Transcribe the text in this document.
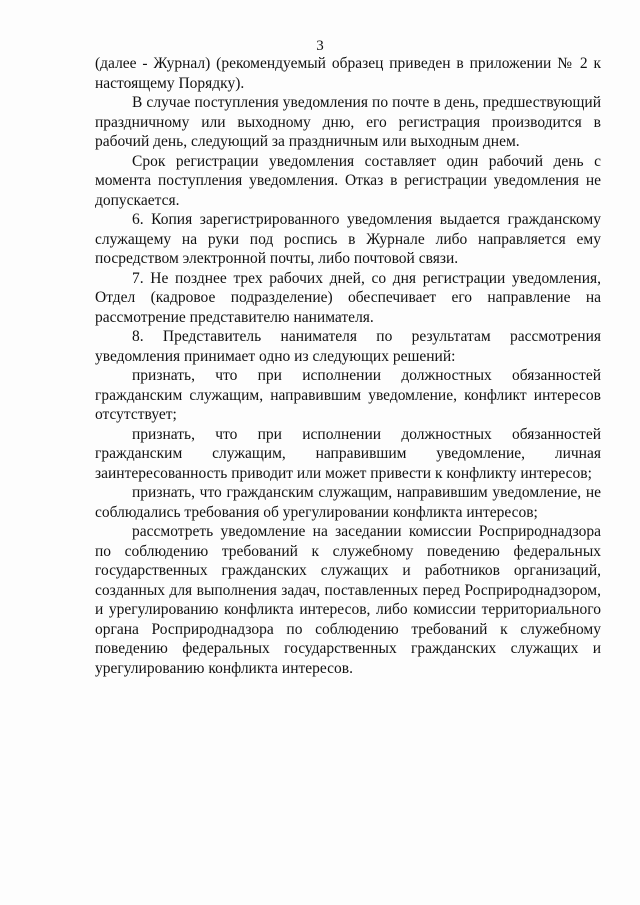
3

(далее - Журнал) (рекомендуемый образец приведен в приложении № 2 к настоящему Порядку).

В случае поступления уведомления по почте в день, предшествующий праздничному или выходному дню, его регистрация производится в рабочий день, следующий за праздничным или выходным днем.

Срок регистрации уведомления составляет один рабочий день с момента поступления уведомления. Отказ в регистрации уведомления не допускается.

6. Копия зарегистрированного уведомления выдается гражданскому служащему на руки под роспись в Журнале либо направляется ему посредством электронной почты, либо почтовой связи.

7. Не позднее трех рабочих дней, со дня регистрации уведомления, Отдел (кадровое подразделение) обеспечивает его направление на рассмотрение представителю нанимателя.

8. Представитель нанимателя по результатам рассмотрения уведомления принимает одно из следующих решений:

признать, что при исполнении должностных обязанностей гражданским служащим, направившим уведомление, конфликт интересов отсутствует;

признать, что при исполнении должностных обязанностей гражданским служащим, направившим уведомление, личная заинтересованность приводит или может привести к конфликту интересов;

признать, что гражданским служащим, направившим уведомление, не соблюдались требования об урегулировании конфликта интересов;

рассмотреть уведомление на заседании комиссии Росприроднадзора по соблюдению требований к служебному поведению федеральных государственных гражданских служащих и работников организаций, созданных для выполнения задач, поставленных перед Росприроднадзором, и урегулированию конфликта интересов, либо комиссии территориального органа Росприроднадзора по соблюдению требований к служебному поведению федеральных государственных гражданских служащих и урегулированию конфликта интересов.
